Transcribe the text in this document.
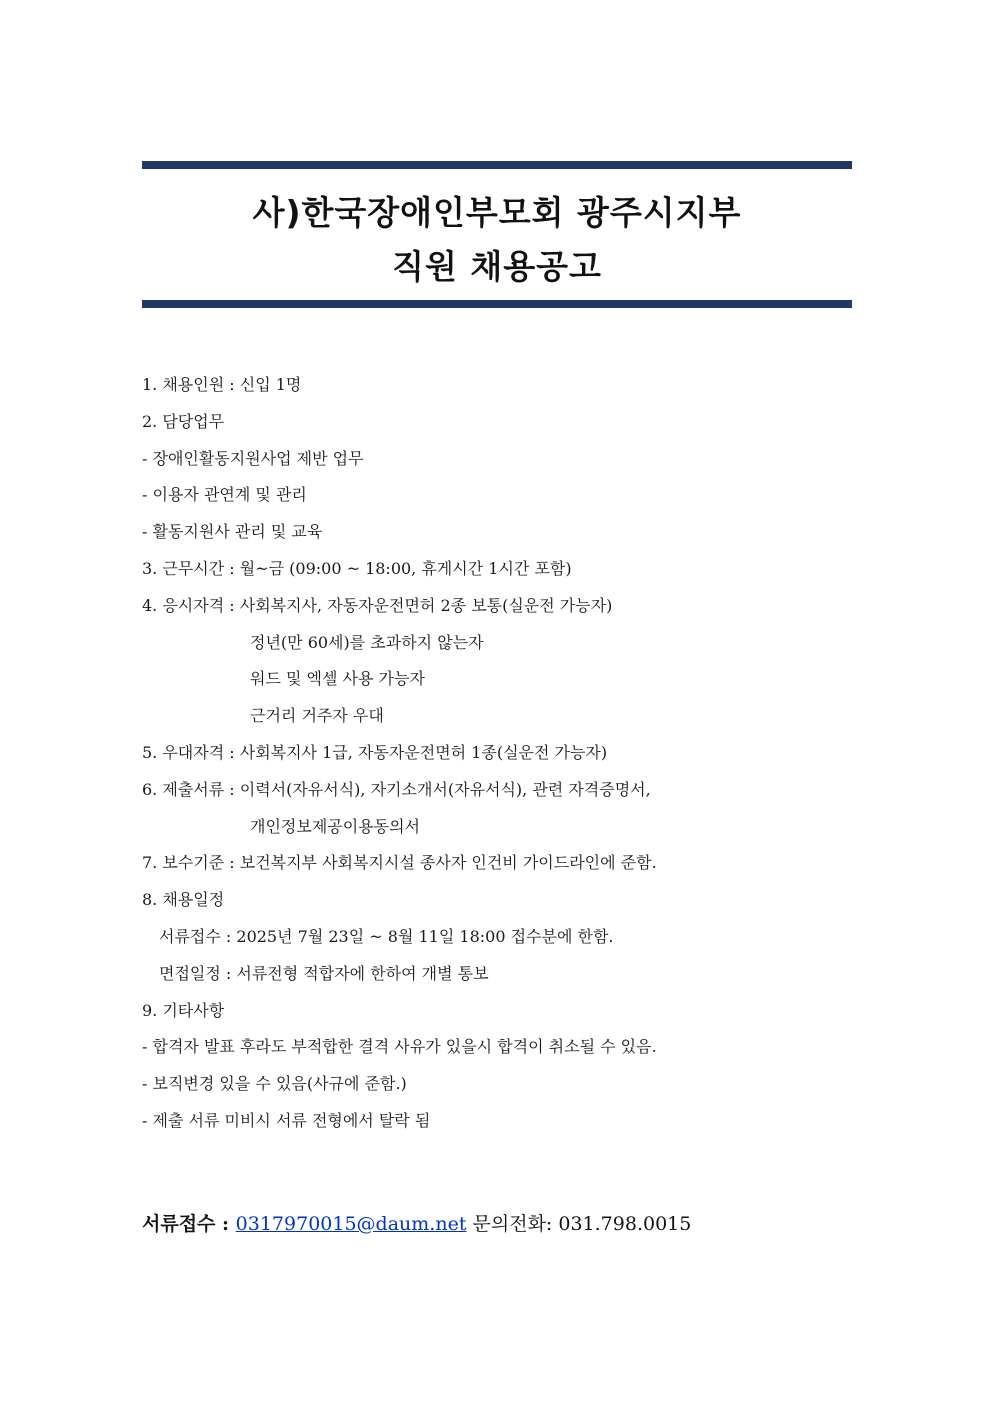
사)한국장애인부모회 광주시지부
직원 채용공고
1. 채용인원 : 신입 1명
2. 담당업무
- 장애인활동지원사업 제반 업무
- 이용자 관연계 및 관리
- 활동지원사 관리 및 교육
3. 근무시간 : 월~금 (09:00 ~ 18:00, 휴게시간 1시간 포함)
4. 응시자격 : 사회복지사, 자동자운전면허 2종 보통(실운전 가능자)
정년(만 60세)를 초과하지 않는자
워드 및 엑셀 사용 가능자
근거리 거주자 우대
5. 우대자격 : 사회복지사 1급, 자동자운전면허 1종(실운전 가능자)
6. 제출서류 : 이력서(자유서식), 자기소개서(자유서식), 관련 자격증명서,
개인정보제공이용동의서
7. 보수기준 : 보건복지부 사회복지시설 종사자 인건비 가이드라인에 준함.
8. 채용일정
서류접수 : 2025년 7월 23일 ~ 8월 11일 18:00 접수분에 한함.
면접일정 : 서류전형 적합자에 한하여 개별 통보
9. 기타사항
- 합격자 발표 후라도 부적합한 결격 사유가 있을시 합격이 취소될 수 있음.
- 보직변경 있을 수 있음(사규에 준함.)
- 제출 서류 미비시 서류 전형에서 탈락 됨
서류접수 : 0317970015@daum.net 문의전화: 031.798.0015
